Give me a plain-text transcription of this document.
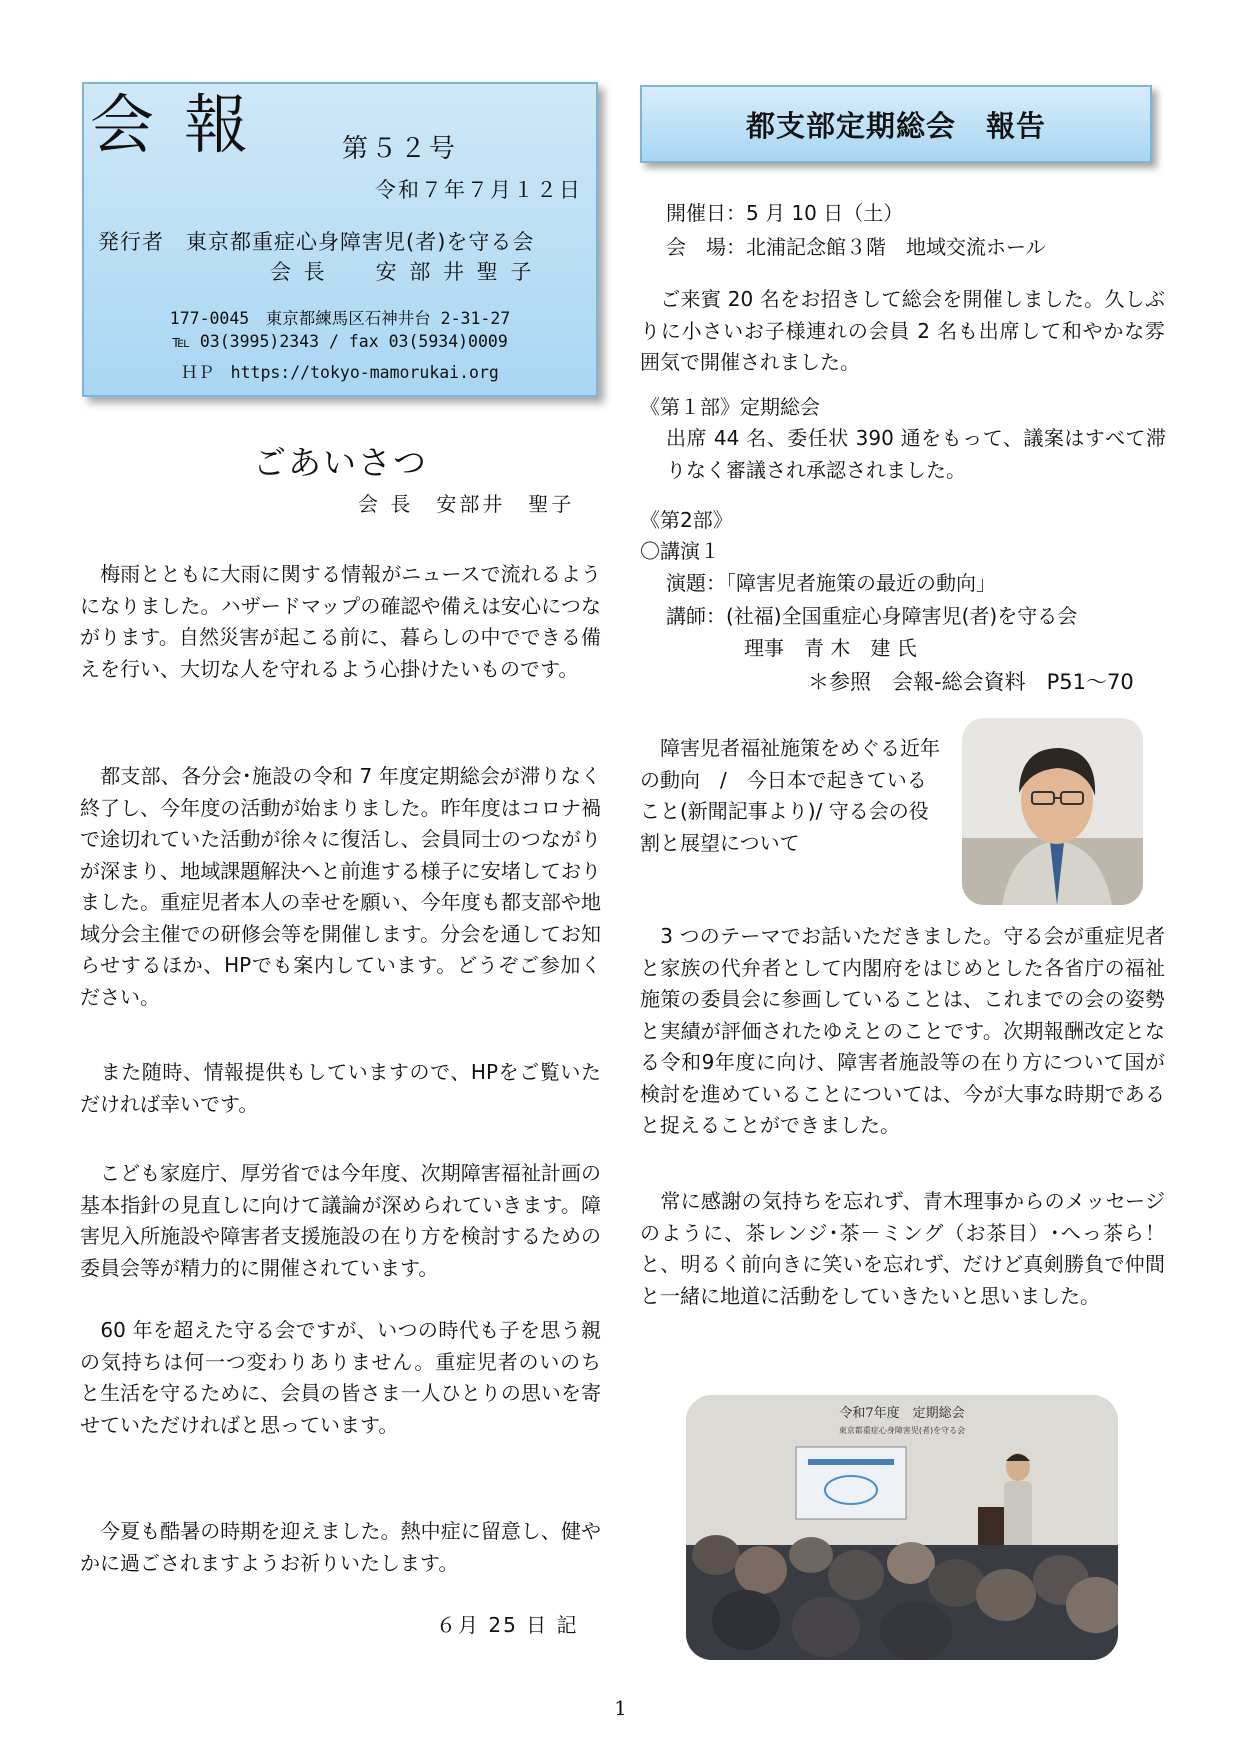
会報 第５２号
令和７年７月１２日
発行者　東京都重症心身障害児(者)を守る会
会 長　　安 部 井 聖 子
177-0045　東京都練馬区石神井台 2-31-27
℡ 03(3995)2343 / fax 03(5934)0009
ＨＰ　https://tokyo-mamorukai.org
都支部定期総会　報告
ごあいさつ
会 長　安部井　聖子
　梅雨とともに大雨に関する情報がニュースで流れるようになりました。ハザードマップの確認や備えは安心につながります。自然災害が起こる前に、暮らしの中でできる備えを行い、大切な人を守れるよう心掛けたいものです。
　都支部、各分会･施設の令和 7 年度定期総会が滞りなく終了し、今年度の活動が始まりました。昨年度はコロナ禍で途切れていた活動が徐々に復活し、会員同士のつながりが深まり、地域課題解決へと前進する様子に安堵しておりました。重症児者本人の幸せを願い、今年度も都支部や地域分会主催での研修会等を開催します。分会を通してお知らせするほか、HPでも案内しています。どうぞご参加ください。
　また随時、情報提供もしていますので、HPをご覧いただければ幸いです。
　こども家庭庁、厚労省では今年度、次期障害福祉計画の基本指針の見直しに向けて議論が深められていきます。障害児入所施設や障害者支援施設の在り方を検討するための委員会等が精力的に開催されています。
　60 年を超えた守る会ですが、いつの時代も子を思う親の気持ちは何一つ変わりありません。重症児者のいのちと生活を守るために、会員の皆さま一人ひとりの思いを寄せていただければと思っています。
　今夏も酷暑の時期を迎えました。熱中症に留意し、健やかに過ごされますようお祈りいたします。
６月 25 日 記
開催日：5 月 10 日（土）
会　場：北浦記念館３階　地域交流ホール
　ご来賓 20 名をお招きして総会を開催しました。久しぶりに小さいお子様連れの会員 2 名も出席して和やかな雰囲気で開催されました。
《第１部》定期総会
出席 44 名、委任状 390 通をもって、議案はすべて滞りなく審議され承認されました。
《第2部》
〇講演１
演題：「障害児者施策の最近の動向」
講師：(社福)全国重症心身障害児(者)を守る会
理事　青 木　建 氏
＊参照　会報-総会資料　P51～70
　障害児者福祉施策をめぐる近年の動向　/　今日本で起きていること(新聞記事より)/ 守る会の役割と展望について
　3 つのテーマでお話いただきました。守る会が重症児者と家族の代弁者として内閣府をはじめとした各省庁の福祉施策の委員会に参画していることは、これまでの会の姿勢と実績が評価されたゆえとのことです。次期報酬改定となる令和9年度に向け、障害者施設等の在り方について国が検討を進めていることについては、今が大事な時期であると捉えることができました。
　常に感謝の気持ちを忘れず、青木理事からのメッセージのように、茶レンジ･茶－ミング（お茶目）･へっ茶ら！と、明るく前向きに笑いを忘れず、だけど真剣勝負で仲間と一緒に地道に活動をしていきたいと思いました。
令和7年度　定期総会
東京都重症心身障害児(者)を守る会
1
